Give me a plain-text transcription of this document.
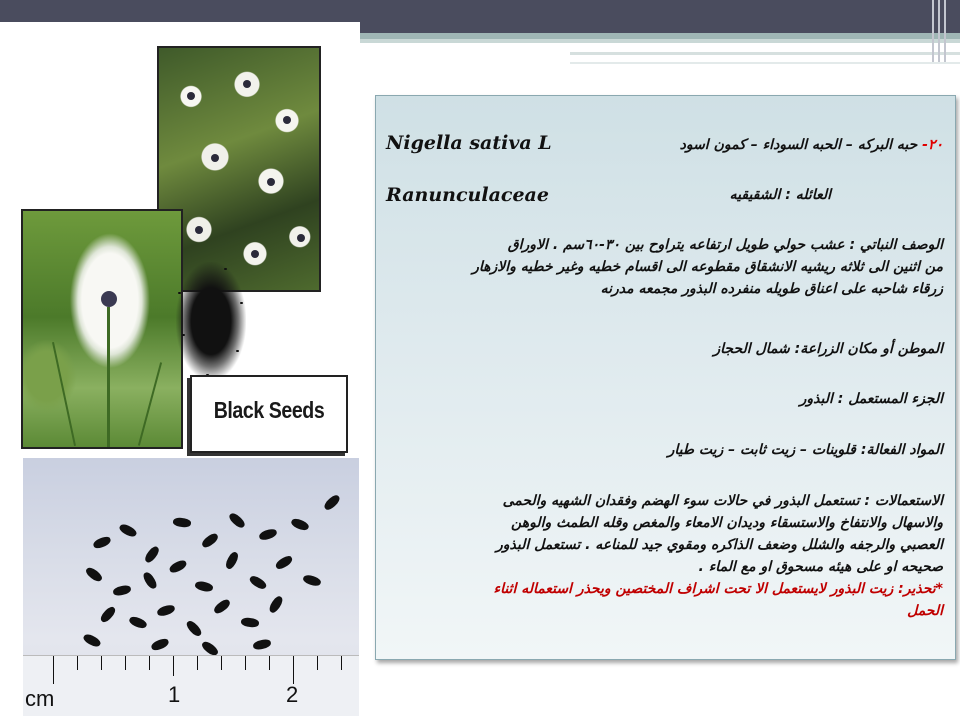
Black Seeds
cm	1	2
٢٠- حبه البركه – الحبه السوداء – كمون اسود
Nigella sativa L
العائله : الشقيقيه
Ranunculaceae
الوصف النباتي : عشب حولي طويل ارتفاعه يتراوح بين ٣٠-٦٠سم . الاوراق
من اثنين الى ثلاثه ريشيه الانشقاق مقطوعه الى اقسام خطيه وغير خطيه والازهار
زرقاء شاحبه على اعناق طويله منفرده البذور مجمعه مدرنه
الموطن أو مكان الزراعة: شمال الحجاز
الجزء المستعمل : البذور
المواد الفعالة: قلوينات – زيت ثابت – زيت طيار
الاستعمالات : تستعمل البذور في حالات سوء الهضم وفقدان الشهيه والحمى
والاسهال والانتفاخ والاستسقاء وديدان الامعاء والمغص وقله الطمث والوهن
العصبي والرجفه والشلل وضعف الذاكره ومقوي جيد للمناعه . تستعمل البذور
صحيحه او على هيئه مسحوق او مع الماء .
*تحذير: زيت البذور لايستعمل الا تحت اشراف المختصين ويحذر استعماله اثناء
الحمل
